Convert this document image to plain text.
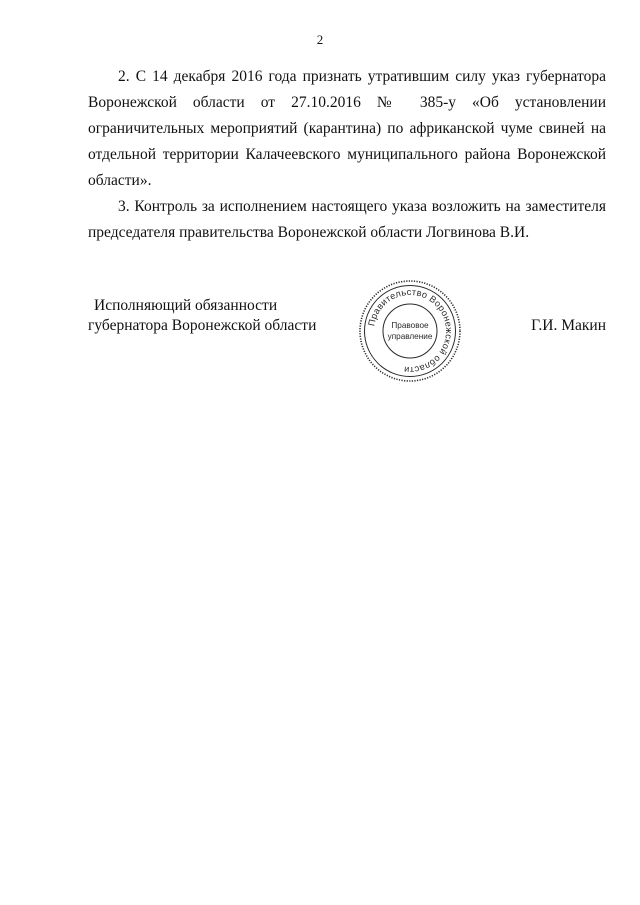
2

2. С 14 декабря 2016 года признать утратившим силу указ губернатора Воронежской области от 27.10.2016 № 385-у «Об установлении ограничительных мероприятий (карантина) по африканской чуме свиней на отдельной территории Калачеевского муниципального района Воронежской области».

3. Контроль за исполнением настоящего указа возложить на заместителя председателя правительства Воронежской области Логвинова В.И.

Исполняющий обязанности
губернатора Воронежской области	Правительство Воронежской области
Правовое
управление
Г.И. Макин
